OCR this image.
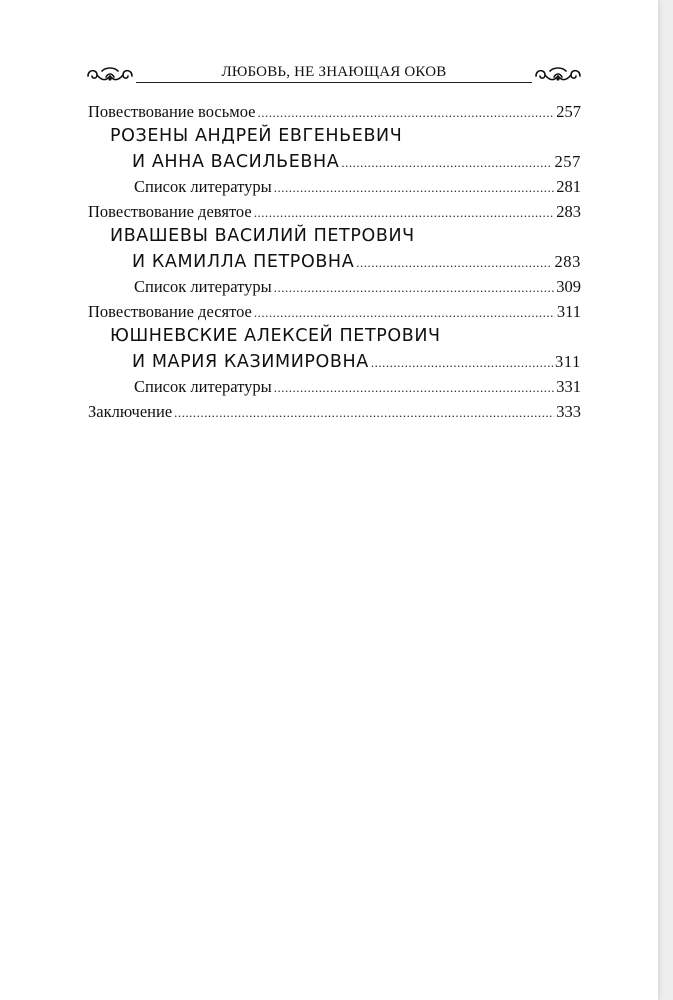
ЛЮБОВЬ, НЕ ЗНАЮЩАЯ ОКОВ
Повествование восьмое .....	257
РОЗЕНЫ АНДРЕЙ ЕВГЕНЬЕВИЧ
И АННА ВАСИЛЬЕВНА .....	257
Список литературы .....	281
Повествование девятое .....	283
ИВАШЕВЫ ВАСИЛИЙ ПЕТРОВИЧ
И КАМИЛЛА ПЕТРОВНА .....	283
Список литературы .....	309
Повествование десятое .....	311
ЮШНЕВСКИЕ АЛЕКСЕЙ ПЕТРОВИЧ
И МАРИЯ КАЗИМИРОВНА .....	311
Список литературы .....	331
Заключение .....	333
